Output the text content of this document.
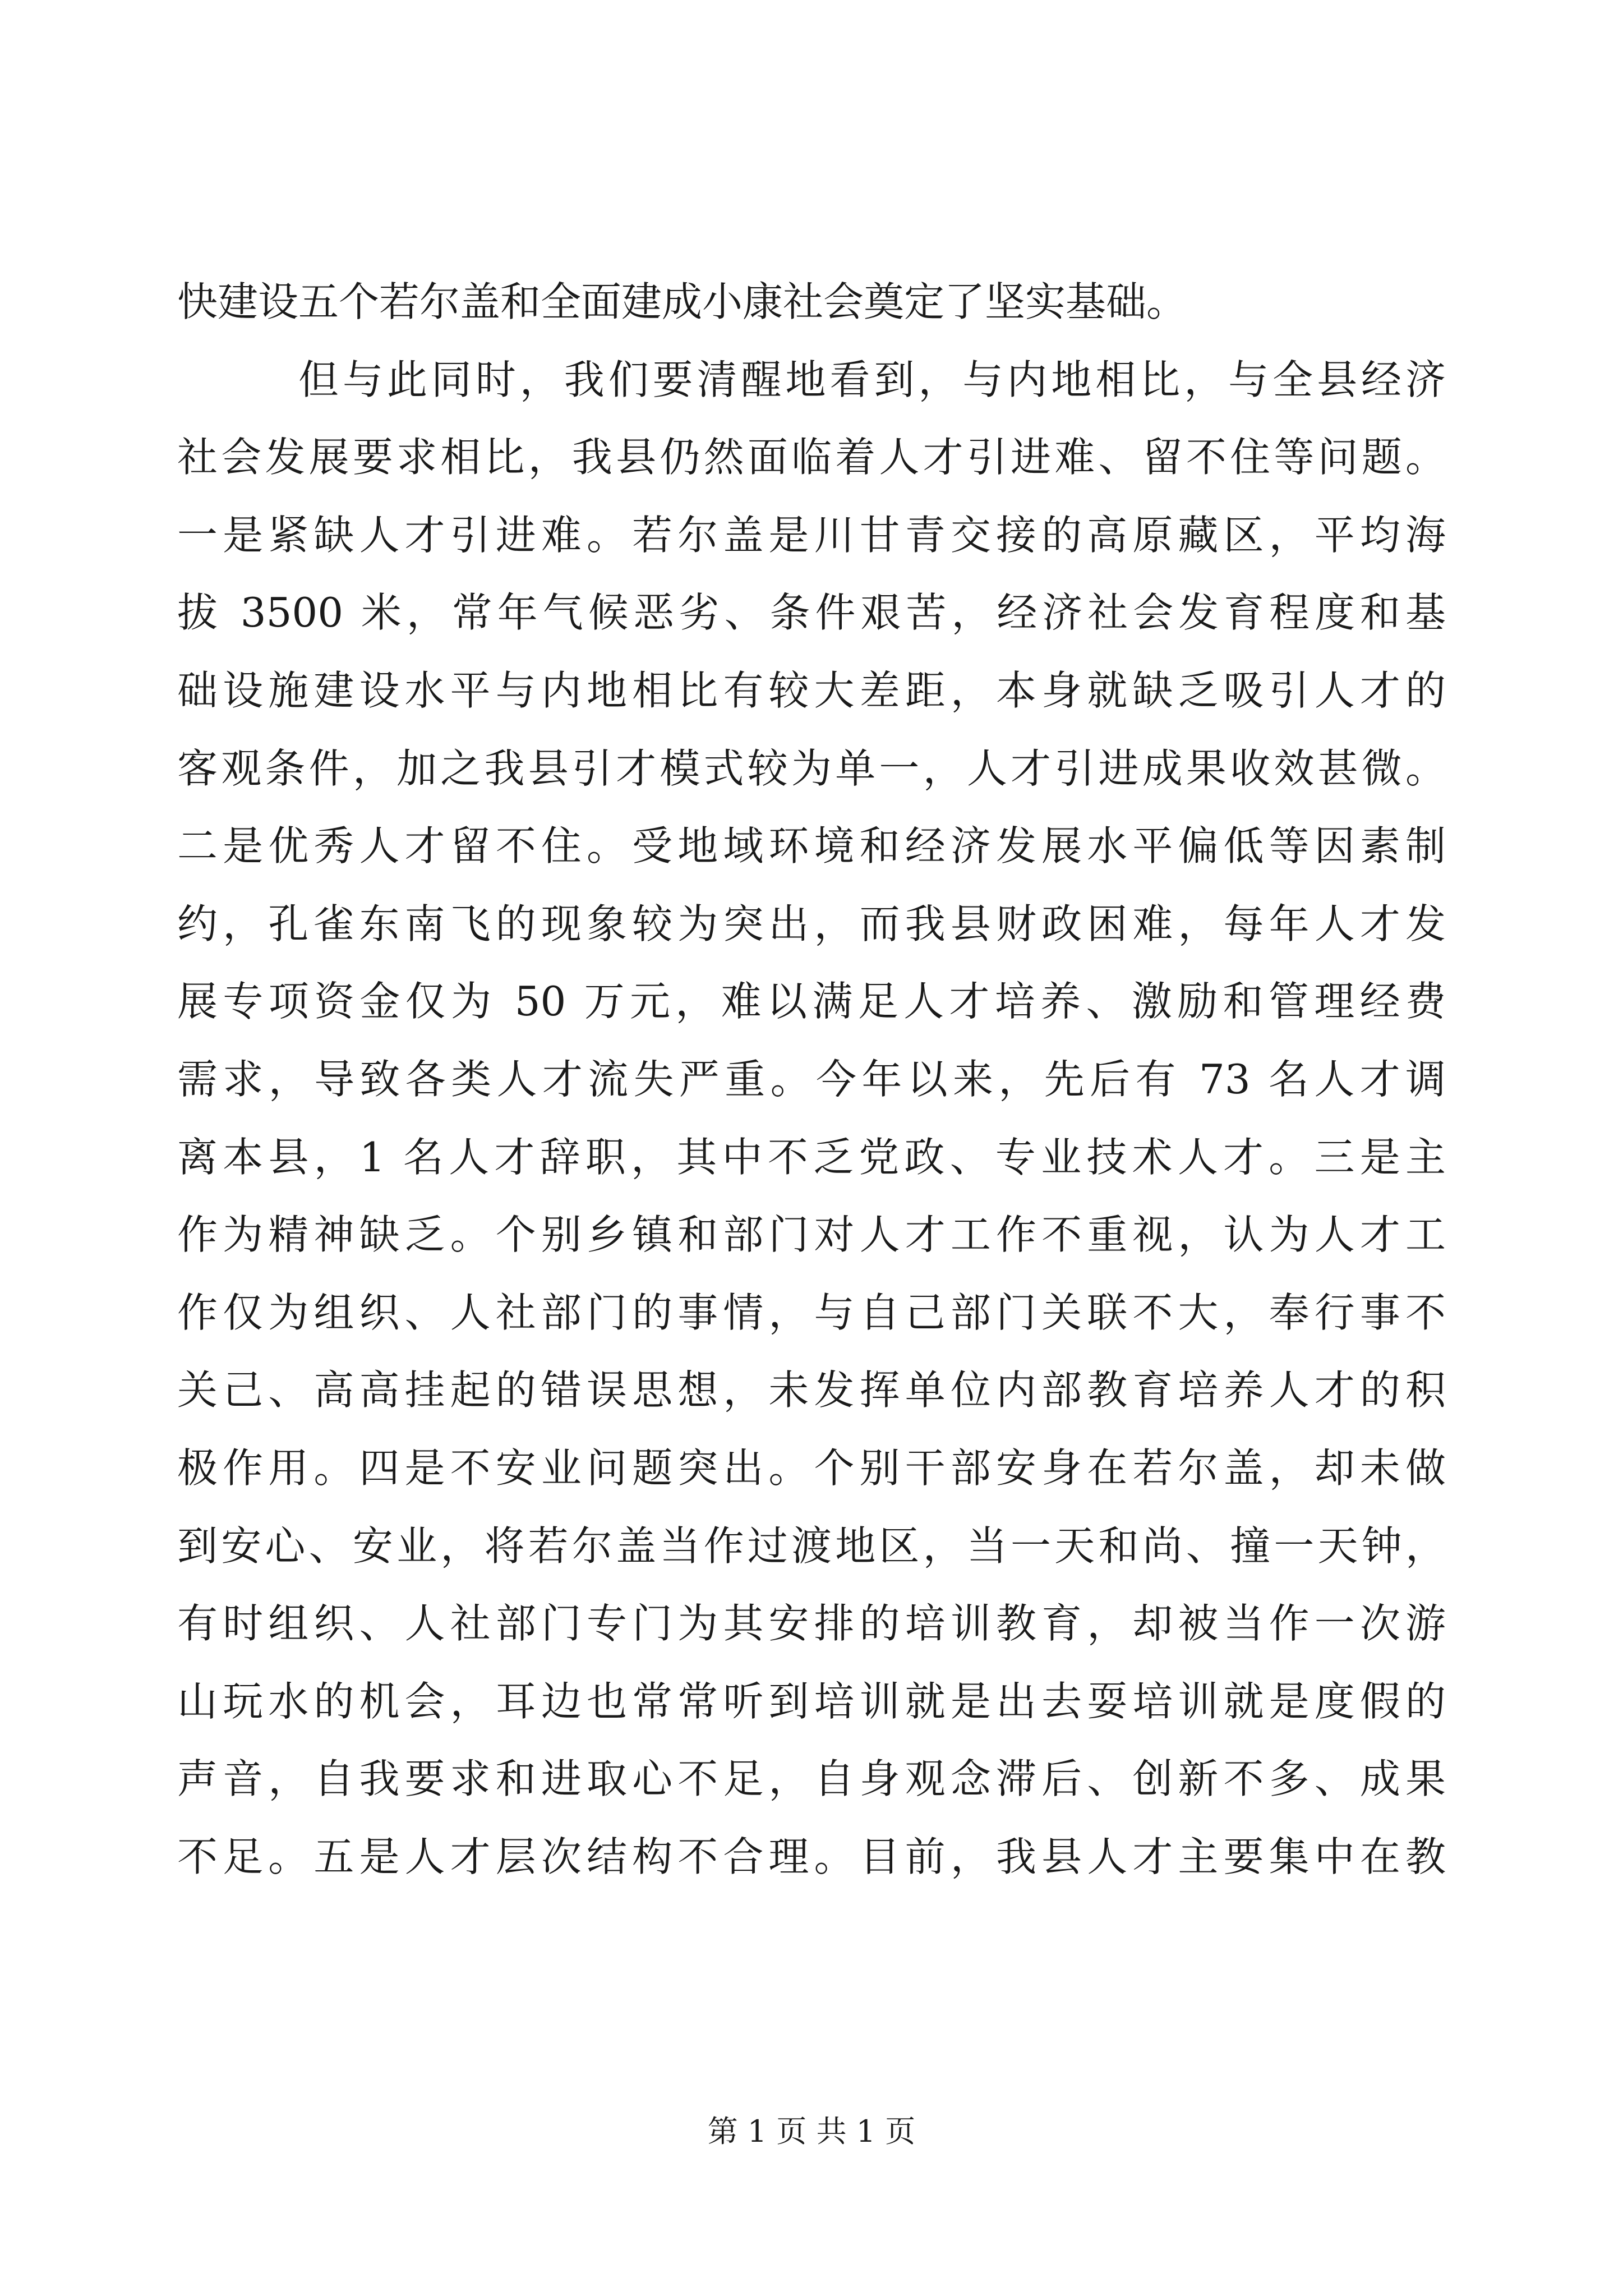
快建设五个若尔盖和全面建成小康社会奠定了坚实基础。
但与此同时，我们要清醒地看到，与内地相比，与全县经济
社会发展要求相比，我县仍然面临着人才引进难、留不住等问题。
一是紧缺人才引进难。若尔盖是川甘青交接的高原藏区，平均海
拔 3500 米，常年气候恶劣、条件艰苦，经济社会发育程度和基
础设施建设水平与内地相比有较大差距，本身就缺乏吸引人才的
客观条件，加之我县引才模式较为单一，人才引进成果收效甚微。
二是优秀人才留不住。受地域环境和经济发展水平偏低等因素制
约，孔雀东南飞的现象较为突出，而我县财政困难，每年人才发
展专项资金仅为 50 万元，难以满足人才培养、激励和管理经费
需求，导致各类人才流失严重。今年以来，先后有 73 名人才调
离本县，1 名人才辞职，其中不乏党政、专业技术人才。三是主
作为精神缺乏。个别乡镇和部门对人才工作不重视，认为人才工
作仅为组织、人社部门的事情，与自己部门关联不大，奉行事不
关己、高高挂起的错误思想，未发挥单位内部教育培养人才的积
极作用。四是不安业问题突出。个别干部安身在若尔盖，却未做
到安心、安业，将若尔盖当作过渡地区，当一天和尚、撞一天钟，
有时组织、人社部门专门为其安排的培训教育，却被当作一次游
山玩水的机会，耳边也常常听到培训就是出去耍培训就是度假的
声音，自我要求和进取心不足，自身观念滞后、创新不多、成果
不足。五是人才层次结构不合理。目前，我县人才主要集中在教
第 1 页 共 1 页
